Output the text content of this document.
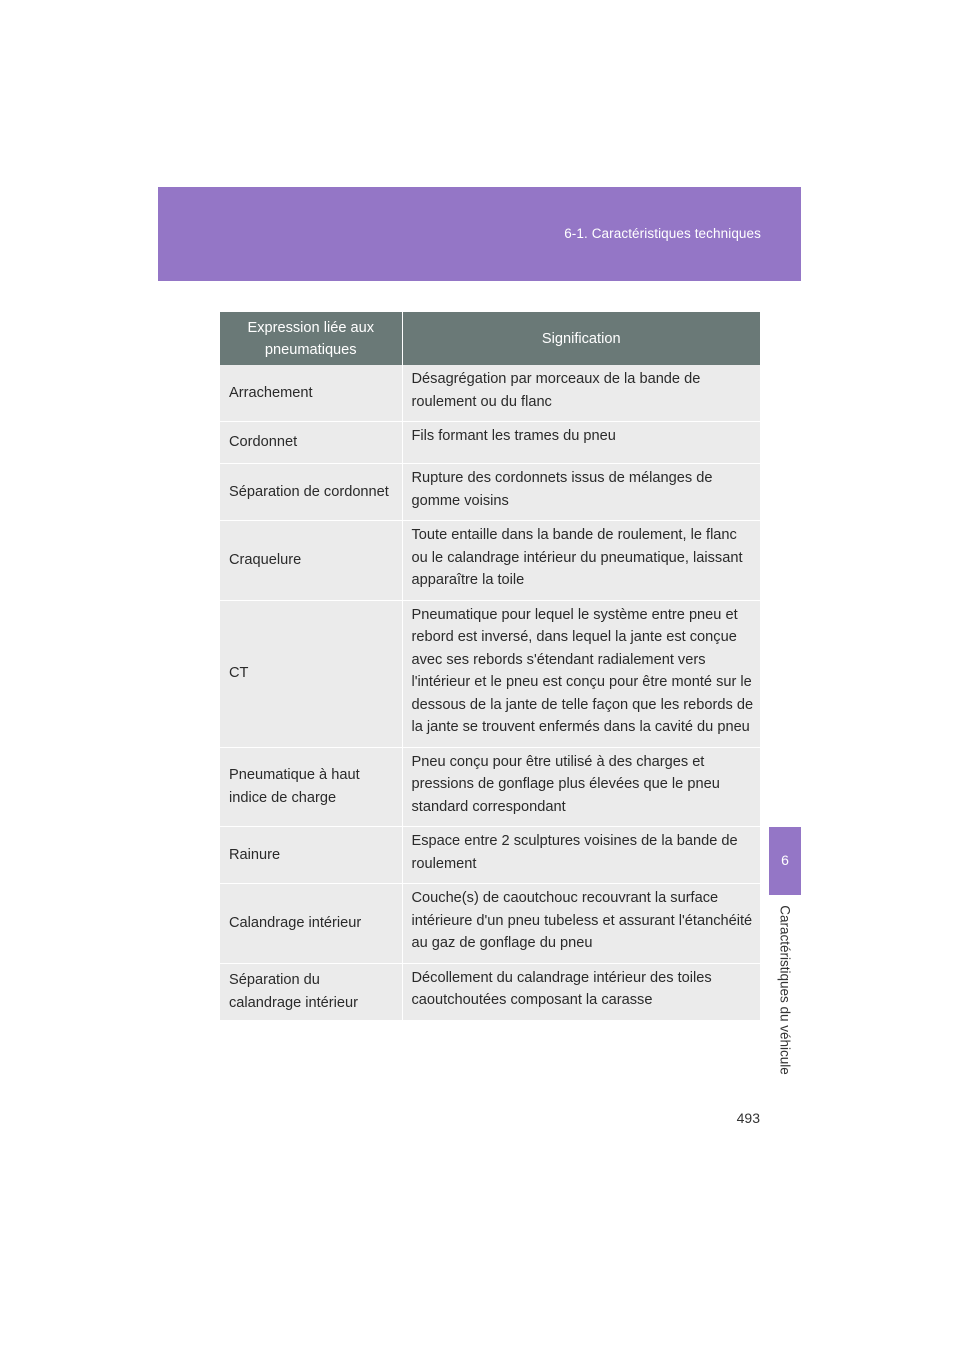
6-1. Caractéristiques techniques
6
Caractéristiques du véhicule
Expression liée aux pneumatiques	Signification
Arrachement	Désagrégation par morceaux de la bande de roulement ou du flanc
Cordonnet	Fils formant les trames du pneu
Séparation de cordonnet	Rupture des cordonnets issus de mélanges de gomme voisins
Craquelure	Toute entaille dans la bande de roulement, le flanc ou le calandrage intérieur du pneumatique, laissant apparaître la toile
CT	Pneumatique pour lequel le système entre pneu et rebord est inversé, dans lequel la jante est conçue avec ses rebords s'étendant radialement vers l'intérieur et le pneu est conçu pour être monté sur le dessous de la jante de telle façon que les rebords de la jante se trouvent enfermés dans la cavité du pneu
Pneumatique à haut indice de charge	Pneu conçu pour être utilisé à des charges et pressions de gonflage plus élevées que le pneu standard correspondant
Rainure	Espace entre 2 sculptures voisines de la bande de roulement
Calandrage intérieur	Couche(s) de caoutchouc recouvrant la surface intérieure d'un pneu tubeless et assurant l'étanchéité au gaz de gonflage du pneu
Séparation du calandrage intérieur	Décollement du calandrage intérieur des toiles caoutchoutées composant la carasse
493
